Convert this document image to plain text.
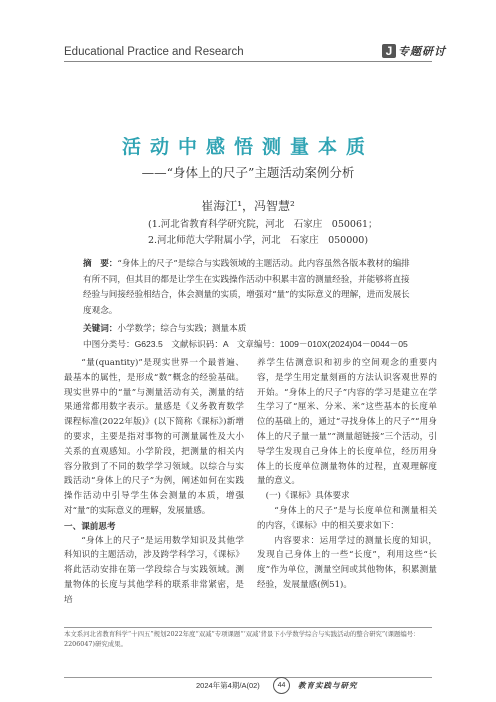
Educational Practice and Research	J 专题研讨
活动中感悟测量本质
——“身体上的尺子”主题活动案例分析
崔海江¹，冯智慧²
(1.河北省教育科学研究院，河北　石家庄　050061；
2.河北师范大学附属小学，河北　石家庄　050000)
摘　要：“身体上的尺子”是综合与实践领域的主题活动。此内容虽然各版本教材的编排有所不同，但其目的都是让学生在实践操作活动中积累丰富的测量经验，并能够将直接经验与间接经验相结合，体会测量的实质，增强对“量”的实际意义的理解，进而发展长度观念。
关键词：小学数学；综合与实践；测量本质
中图分类号：G623.5　文献标识码：A　文章编号：1009－010X(2024)04－0044－05

“量(quantity)”是现实世界一个最普遍、最基本的属性，是形成“数”概念的经验基础。现实世界中的“量”与测量活动有关，测量的结果通常都用数字表示。量感是《义务教育数学课程标准(2022年版)》(以下简称《课标》)新增的要求，主要是指对事物的可测量属性及大小关系的直观感知。小学阶段，把测量的相关内容分散到了不同的数学学习领域。以综合与实践活动“身体上的尺子”为例，阐述如何在实践操作活动中引导学生体会测量的本质，增强对“量”的实际意义的理解，发展量感。

一、课前思考

“身体上的尺子”是运用数学知识及其他学科知识的主题活动，涉及跨学科学习，《课标》将此活动安排在第一学段综合与实践领域。测量物体的长度与其他学科的联系非常紧密，是培

养学生估测意识和初步的空间观念的重要内容，是学生用定量刻画的方法认识客观世界的开始。“身体上的尺子”内容的学习是建立在学生学习了“厘米、分米、米”这些基本的长度单位的基础上的，通过“寻找身体上的尺子”“用身体上的尺子量一量”“测量超链接”三个活动，引导学生发现自己身体上的长度单位，经历用身体上的长度单位测量物体的过程，直观理解度量的意义。

(一)《课标》具体要求

“身体上的尺子”是与长度单位和测量相关的内容，《课标》中的相关要求如下：

内容要求：运用学过的测量长度的知识，发现自己身体上的一些“长度”，利用这些“长度”作为单位，测量空间或其他物体，积累测量经验，发展量感(例51)。

本文系河北省教育科学“十四五”规划2022年度“双减”专项课题“‘双减’背景下小学数学综合与实践活动的整合研究”(课题编号：2206047)研究成果。
2024年第4期/A(02)	44	教育实践与研究
